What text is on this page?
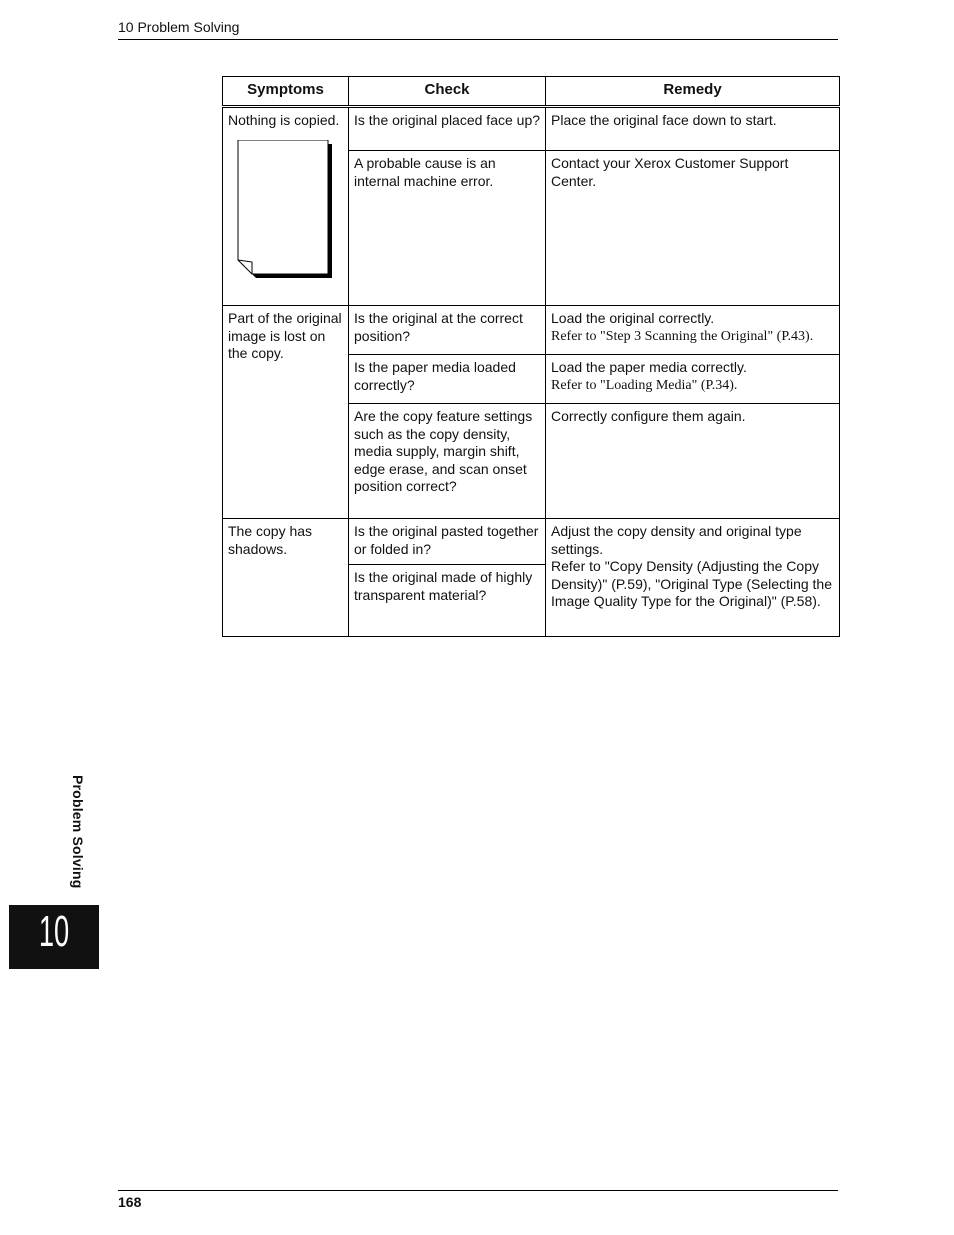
10 Problem Solving
Symptoms	Check	Remedy

Nothing is copied.	Is the original placed face up?	Place the original face down to start.
	A probable cause is an internal machine error.	Contact your Xerox Customer Support Center.
Part of the original image is lost on the copy.	Is the original at the correct position?	Load the original correctly.
Refer to "Step 3 Scanning the Original" (P.43).

	Is the paper media loaded correctly?	Load the paper media correctly.
Refer to "Loading Media" (P.34).

	Are the copy feature settings such as the copy density, media supply, margin shift, edge erase, and scan onset position correct?	Correctly configure them again.
The copy has shadows.	Is the original pasted together or folded in?	Adjust the copy density and original type settings.
Refer to "Copy Density (Adjusting the Copy Density)" (P.59), "Original Type (Selecting the Image Quality Type for the Original)" (P.58).

	Is the original made of highly transparent material?	
Problem Solving
10
168
